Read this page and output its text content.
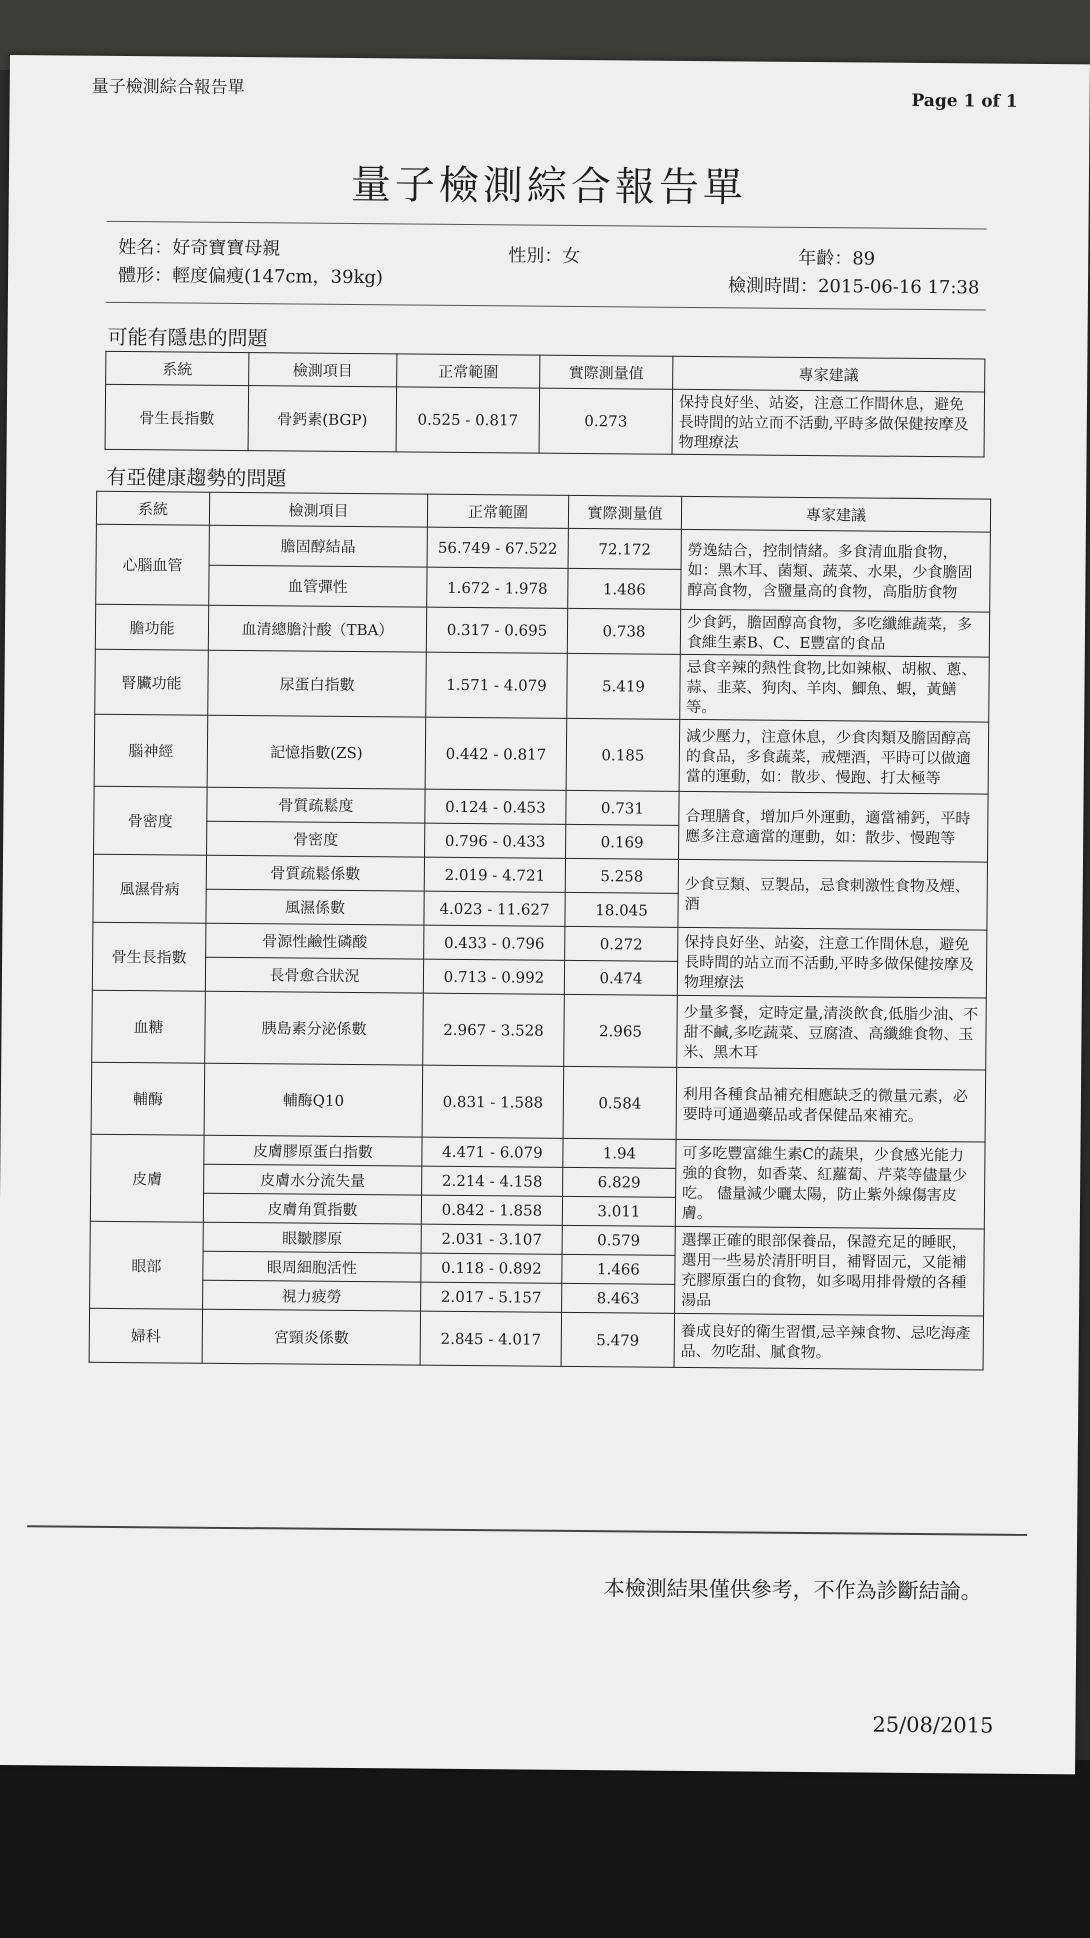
量子檢測綜合報告單
Page 1 of 1
量子檢測綜合報告單
姓名：好奇寶寶母親	性別：女	年齡：89
體形：輕度偏瘦(147cm，39kg)	檢測時間：2015-06-16 17:38
可能有隱患的問題
系統	檢測項目	正常範圍	實際測量值	專家建議
骨生長指數	骨鈣素(BGP)	0.525 - 0.817	0.273	保持良好坐、站姿，注意工作間休息，避免長時間的站立而不活動,平時多做保健按摩及物理療法
有亞健康趨勢的問題
系統	檢測項目	正常範圍	實際測量值	專家建議
心腦血管	膽固醇結晶	56.749 - 67.522	72.172	勞逸結合，控制情緒。多食清血脂食物，如：黑木耳、菌類、蔬菜、水果，少食膽固醇高食物，含鹽量高的食物，高脂肪食物
	血管彈性	1.672 - 1.978	1.486	
膽功能	血清總膽汁酸（TBA）	0.317 - 0.695	0.738	少食鈣，膽固醇高食物，多吃纖維蔬菜，多食維生素B、C、E豐富的食品
腎臟功能	尿蛋白指數	1.571 - 4.079	5.419	忌食辛辣的熱性食物,比如辣椒、胡椒、蔥、蒜、韭菜、狗肉、羊肉、鯽魚、蝦，黃鱔等。
腦神經	記憶指數(ZS)	0.442 - 0.817	0.185	減少壓力，注意休息，少食肉類及膽固醇高的食品，多食蔬菜，戒煙酒，平時可以做適當的運動，如：散步、慢跑、打太極等
骨密度	骨質疏鬆度	0.124 - 0.453	0.731	合理膳食，增加戶外運動，適當補鈣，平時應多注意適當的運動，如：散步、慢跑等
	骨密度	0.796 - 0.433	0.169	
風濕骨病	骨質疏鬆係數	2.019 - 4.721	5.258	少食豆類、豆製品，忌食刺激性食物及煙、酒
	風濕係數	4.023 - 11.627	18.045	
骨生長指數	骨源性鹼性磷酸	0.433 - 0.796	0.272	保持良好坐、站姿，注意工作間休息，避免長時間的站立而不活動,平時多做保健按摩及物理療法
	長骨愈合狀況	0.713 - 0.992	0.474	
血糖	胰島素分泌係數	2.967 - 3.528	2.965	少量多餐，定時定量,清淡飲食,低脂少油、不甜不鹹,多吃蔬菜、豆腐渣、高纖維食物、玉米、黑木耳
輔酶	輔酶Q10	0.831 - 1.588	0.584	利用各種食品補充相應缺乏的微量元素，必要時可通過藥品或者保健品來補充。
皮膚	皮膚膠原蛋白指數	4.471 - 6.079	1.94	可多吃豐富維生素C的蔬果，少食感光能力強的食物，如香菜、紅蘿蔔、芹菜等儘量少吃。 儘量減少曬太陽，防止紫外線傷害皮膚。
	皮膚水分流失量	2.214 - 4.158	6.829	
	皮膚角質指數	0.842 - 1.858	3.011	
眼部	眼皺膠原	2.031 - 3.107	0.579	選擇正確的眼部保養品，保證充足的睡眠，選用一些易於清肝明目，補腎固元，又能補充膠原蛋白的食物，如多喝用排骨燉的各種湯品
	眼周細胞活性	0.118 - 0.892	1.466	
	視力疲勞	2.017 - 5.157	8.463	
婦科	宮頸炎係數	2.845 - 4.017	5.479	養成良好的衛生習慣,忌辛辣食物、忌吃海產品、勿吃甜、膩食物。
本檢測結果僅供參考，不作為診斷結論。
25/08/2015
